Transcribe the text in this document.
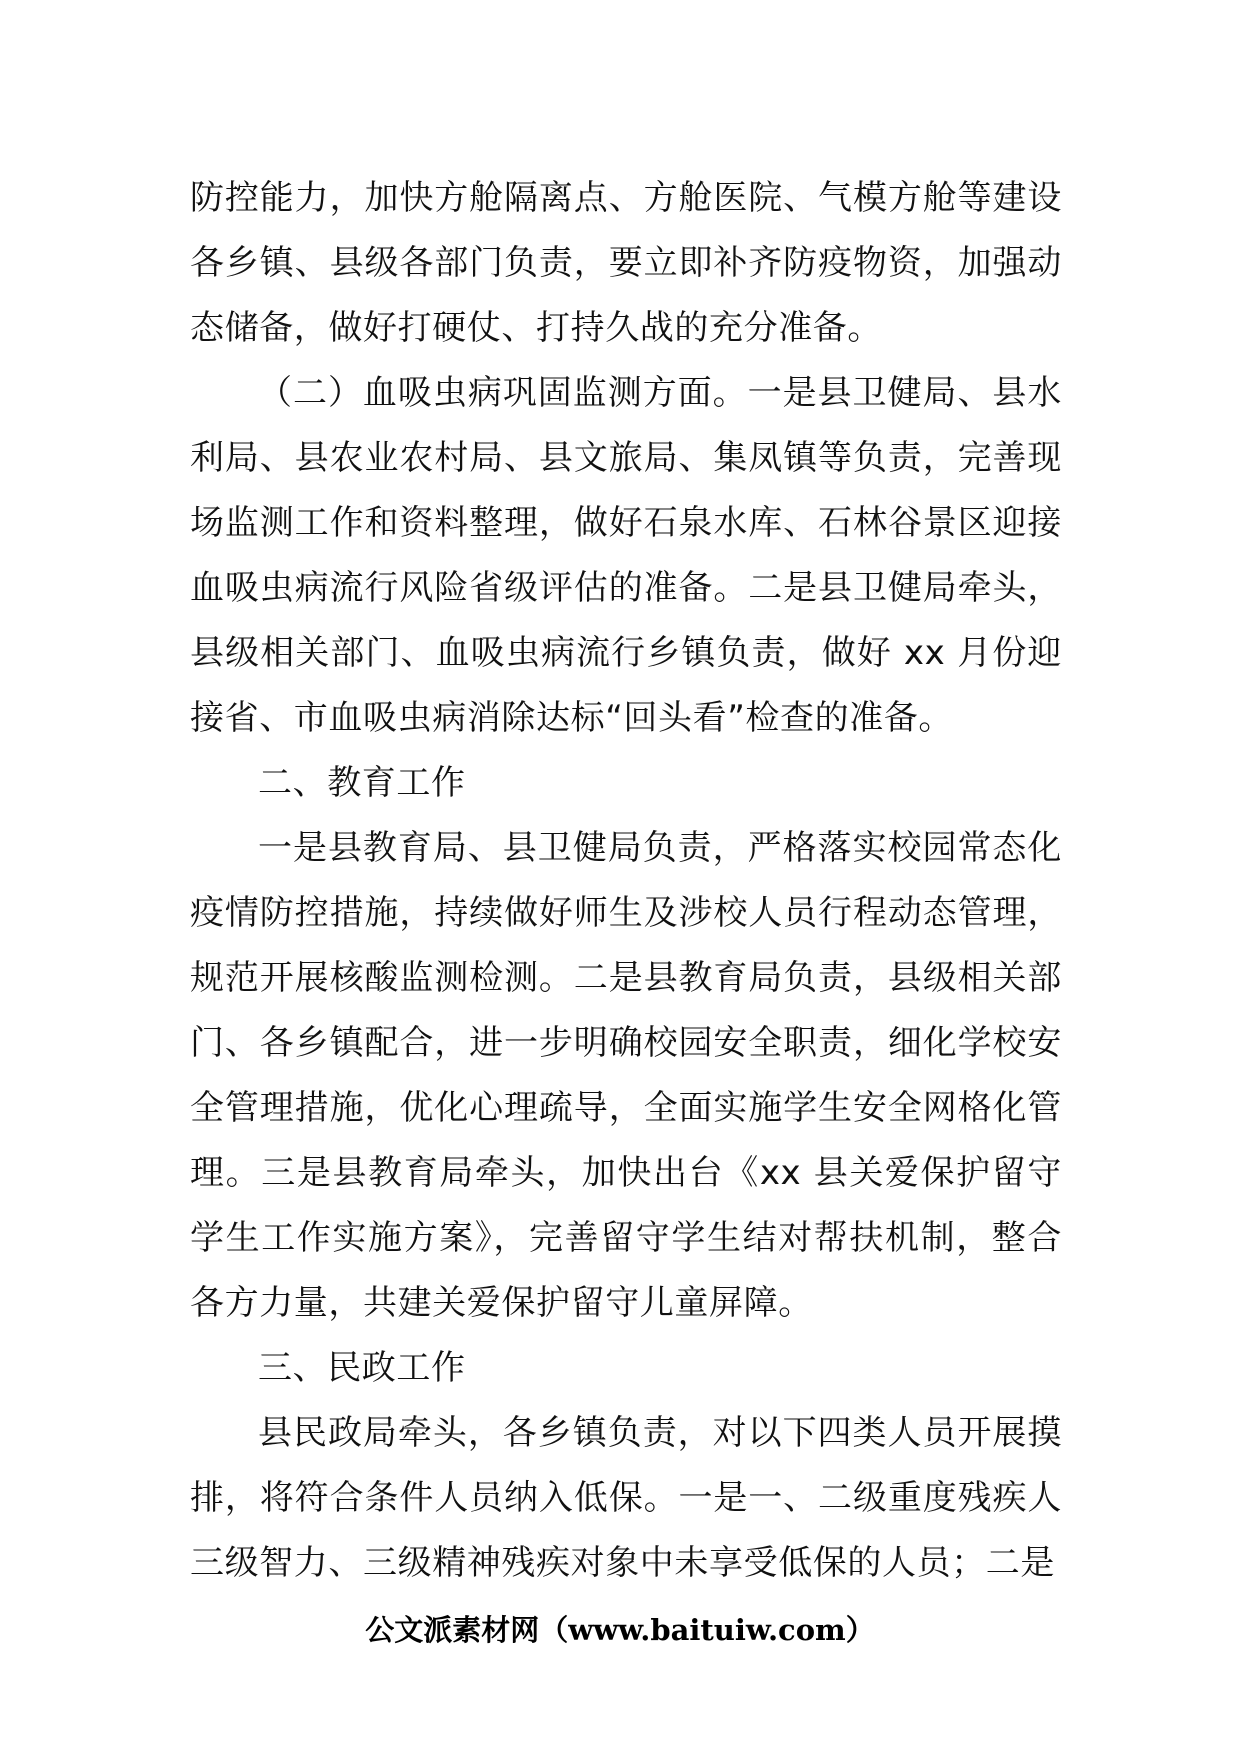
防控能力，加快方舱隔离点、方舱医院、气模方舱等建设各乡镇、县级各部门负责，要立即补齐防疫物资，加强动态储备，做好打硬仗、打持久战的充分准备。

（二）血吸虫病巩固监测方面。一是县卫健局、县水利局、县农业农村局、县文旅局、集凤镇等负责，完善现场监测工作和资料整理，做好石泉水库、石林谷景区迎接血吸虫病流行风险省级评估的准备。二是县卫健局牵头，县级相关部门、血吸虫病流行乡镇负责，做好 xx 月份迎接省、市血吸虫病消除达标“回头看”检查的准备。

二、教育工作

一是县教育局、县卫健局负责，严格落实校园常态化疫情防控措施，持续做好师生及涉校人员行程动态管理，规范开展核酸监测检测。二是县教育局负责，县级相关部门、各乡镇配合，进一步明确校园安全职责，细化学校安全管理措施，优化心理疏导，全面实施学生安全网格化管理。三是县教育局牵头，加快出台《xx 县关爱保护留守学生工作实施方案》，完善留守学生结对帮扶机制，整合各方力量，共建关爱保护留守儿童屏障。

三、民政工作

县民政局牵头，各乡镇负责，对以下四类人员开展摸排，将符合条件人员纳入低保。一是一、二级重度残疾人三级智力、三级精神残疾对象中未享受低保的人员；二是

公文派素材网（www.baituiw.com）
